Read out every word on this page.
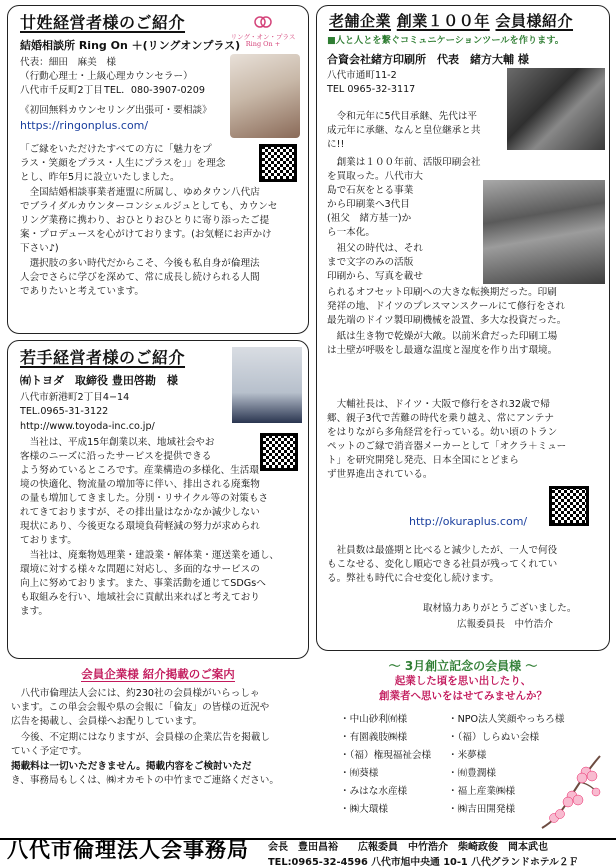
廿姓経営者様のご紹介
リング・オン・プラス Ring On +
結婚相談所 Ring On ＋(リングオンプラス)
代表：細田　麻美　様
（行動心理士・上級心理カウンセラー）
八代市千反町2丁目 TEL．080-3907-0209
《初回無料カウンセリング出張可・要相談》
https://ringonplus.com/
「ご縁をいただけたすべての方に「魅力をプ
ラス・笑顔をプラス・人生にプラスを」」を理念
とし、昨年5月に設立いたしました。
　全国結婚相談事業者連盟に所属し、ゆめタウン八代店
でブライダルカウンターコンシェルジュとしても、カウンセ
リング業務に携わり、おひとりおひとりに寄り添ったご提
案・プロデュースを心がけております。(お気軽にお声かけ
下さい♪)
　選択肢の多い時代だからこそ、今後も私自身が倫理法
人会でさらに学びを深めて、常に成長し続けられる人間
でありたいと考えています。
若手経営者様のご紹介
㈲トヨダ　取締役 豊田啓勘　様
八代市新港町2丁目4−14
TEL.0965-31-3122
http://www.toyoda-inc.co.jp/
　当社は、平成15年創業以来、地域社会やお
客様のニーズに沿ったサービスを提供できる
よう努めているところです。産業構造の多様化、生活環
境の快適化、物流量の増加等に伴い、排出される廃棄物
の量も増加してきました。分別・リサイクル等の対策もさ
れてきておりますが、その排出量はなかなか減少しない
現状にあり、今後更なる環境負荷軽減の努力が求められ
ております。
　当社は、廃棄物処理業・建設業・解体業・運送業を通し、
環境に対する様々な問題に対応し、多面的なサービスの
向上に努めております。また、事業活動を通じてSDGsへ
も取組みを行い、地域社会に貢献出来ればと考えており
ます。
老舗企業 創業１００年 会員様紹介
■人と人とを繋ぐコミュニケーションツールを作ります。
合資会社緒方印刷所　代表　緒方大輔 様
八代市通町11-2
TEL 0965-32-3117
　令和元年に5代目承継、先代は平
成元年に承継、なんと皇位継承と共
に!!
　創業は１００年前、活版印刷会社
を買取った。八代市大
島で石灰をとる事業
から印刷業へ3代目
(祖父　緒方基一)か
ら一本化。
　祖父の時代は、それ
まで文字のみの活版
印刷から、写真を載せ
られるオフセット印刷への大きな転換期だった。印刷
発祥の地、ドイツのプレスマンスクールにて修行をされ
最先端のドイツ製印刷機械を設置、多大な投資だった。
　紙は生き物で乾燥が大敵。以前米倉だった印刷工場
は土壁が呼吸をし最適な温度と湿度を作り出す環境。
　大輔社長は、ドイツ・大阪で修行をされ32歳で帰
郷、親子3代で苦難の時代を乗り越え、常にアンテナ
をはりながら多角経営を行っている。幼い頃のトラン
ペットのご縁で消音器メーカーとして「オクラ＋ミュー
ト」を研究開発し発売、日本全国にとどまら
ず世界進出されている。
http://okuraplus.com/
　社員数は最盛期と比べると減少したが、一人で何役
もこなせる、変化し順応できる社員が残ってくれてい
る。弊社も時代に合せ変化し続けます。
取材協力ありがとうございました。
広報委員長　中竹浩介
会員企業様 紹介掲載のご案内
　八代市倫理法人会には、約230社の会員様がいらっしゃ
います。この単会会報や県の会報に「倫友」の皆様の近況や
広告を掲載し、会員様へお配りしています。
　今後、不定期にはなりますが、会員様の企業広告を掲載し
ていく予定です。
掲載料は一切いただきません。掲載内容をご検討いただ
き、事務局もしくは、㈱オカモトの中竹までご連絡ください。
～ 3月創立記念の会員様 ～
起業した頃を思い出したり、
創業者へ思いをはせてみませんか？
・中山砂利㈲様
・有園義肢㈱様
・（福）権現福祉会様
・㈲葵様
・みはな水産様
・㈱大環様
・NPO法人笑顔やっちろ様
・（福）しらぬい会様
・米夢様
・㈲豊潤様
・福上産業㈱様
・㈱吉田開発様
八代市倫理法人会事務局 会長　豊田昌裕　　広報委員　中竹浩介　柴崎政俊　岡本武也
TEL:0965-32-4596 八代市旭中央通 10-1 八代グランドホテル２Ｆ
